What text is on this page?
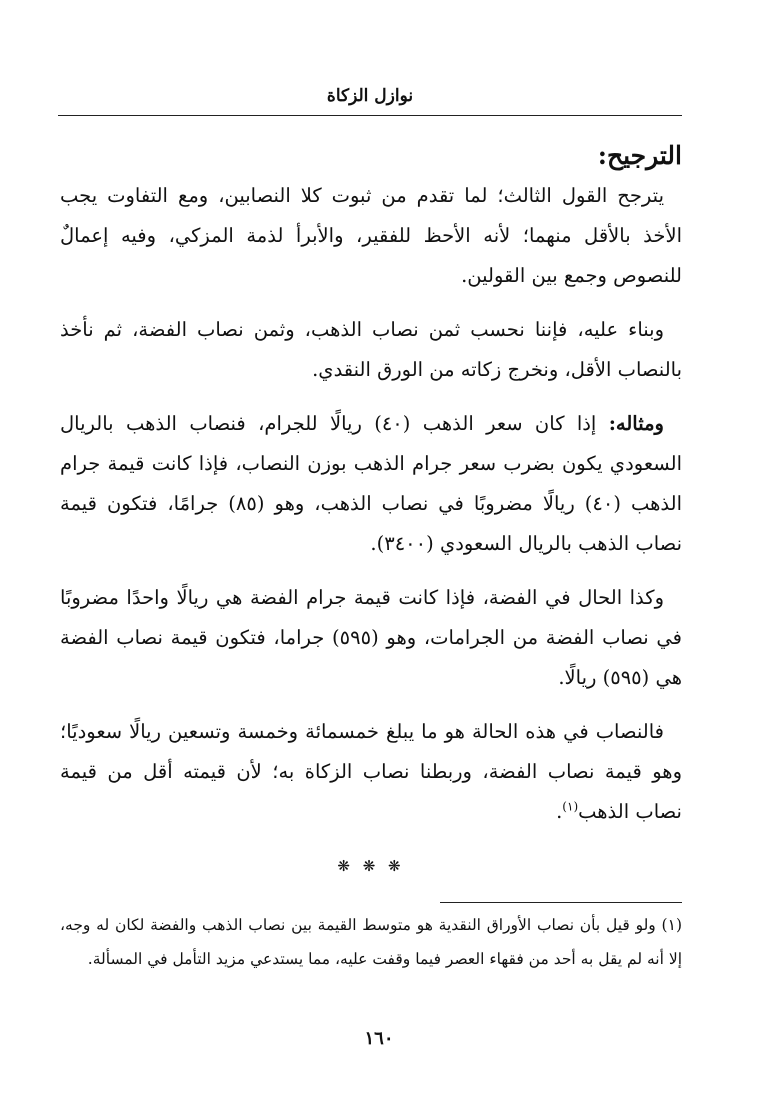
نوازل الزكاة
الترجيح:

يترجح القول الثالث؛ لما تقدم من ثبوت كلا النصابين، ومع التفاوت يجب الأخذ بالأقل منهما؛ لأنه الأحظ للفقير، والأبرأ لذمة المزكي، وفيه إعمالٌ للنصوص وجمع بين القولين.

وبناء عليه، فإننا نحسب ثمن نصاب الذهب، وثمن نصاب الفضة، ثم نأخذ بالنصاب الأقل، ونخرج زكاته من الورق النقدي.

ومثاله: إذا كان سعر الذهب (٤٠) ريالًا للجرام، فنصاب الذهب بالريال السعودي يكون بضرب سعر جرام الذهب بوزن النصاب، فإذا كانت قيمة جرام الذهب (٤٠) ريالًا مضروبًا في نصاب الذهب، وهو (٨٥) جرامًا، فتكون قيمة نصاب الذهب بالريال السعودي (٣٤٠٠).

وكذا الحال في الفضة، فإذا كانت قيمة جرام الفضة هي ريالًا واحدًا مضروبًا في نصاب الفضة من الجرامات، وهو (٥٩٥) جراما، فتكون قيمة نصاب الفضة هي (٥٩٥) ريالًا.

فالنصاب في هذه الحالة هو ما يبلغ خمسمائة وخمسة وتسعين ريالًا سعوديًا؛ وهو قيمة نصاب الفضة، وربطنا نصاب الزكاة به؛ لأن قيمته أقل من قيمة نصاب الذهب$^{(١)}$.

❋ ❋ ❋
(١) ولو قيل بأن نصاب الأوراق النقدية هو متوسط القيمة بين نصاب الذهب والفضة لكان له وجه، إلا أنه لم يقل به أحد من فقهاء العصر فيما وقفت عليه، مما يستدعي مزيد التأمل في المسألة.
١٦٠
